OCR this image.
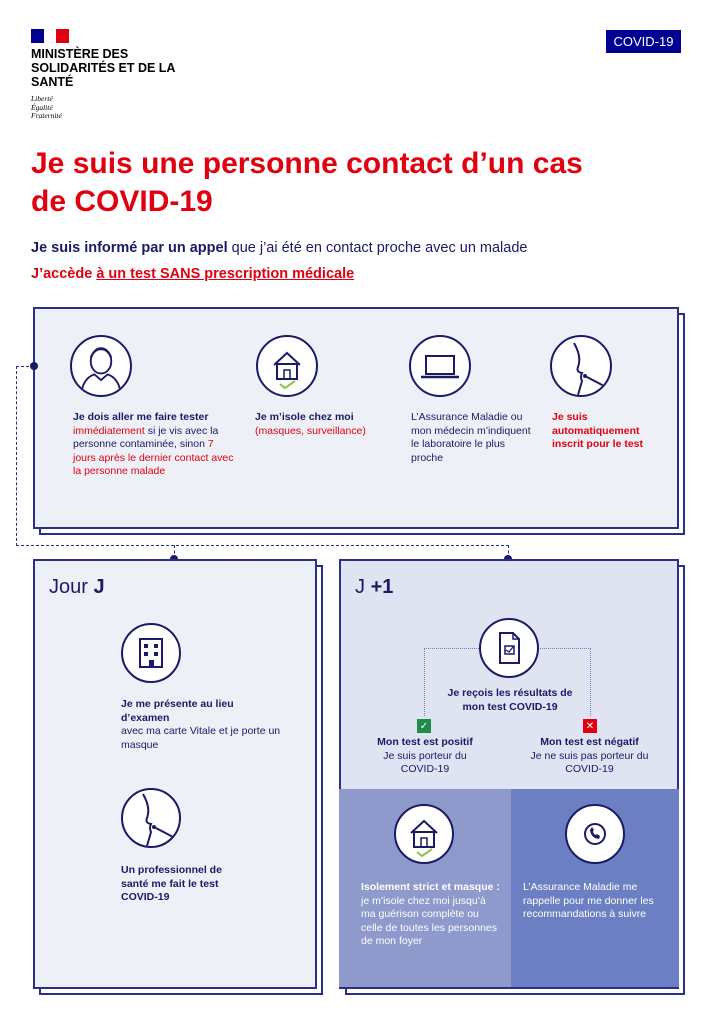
MINISTÈRE DES SOLIDARITÉS ET DE LA SANTÉ
Liberté
Égalité
Fraternité
COVID-19
Je suis une personne contact d’un cas de COVID-19
Je suis informé par un appel que j’ai été en contact proche avec un malade
J’accède à un test SANS prescription médicale
Je dois aller me faire tester
immédiatement si je vis avec la personne contaminée, sinon 7 jours après le dernier contact avec la personne malade
Je m’isole chez moi
(masques, surveillance)
L’Assurance Maladie ou mon médecin m’indiquent le laboratoire le plus proche
Je suis automatiquement inscrit pour le test
Jour J
Je me présente au lieu d’examen
avec ma carte Vitale et je porte un masque
Un professionnel de santé me fait le test COVID-19
J +1
Je reçois les résultats de mon test COVID-19
✓
Mon test est positif
Je suis porteur du COVID-19
✕
Mon test est négatif
Je ne suis pas porteur du COVID-19
Isolement strict et masque :
je m’isole chez moi jusqu’à ma guérison complète ou celle de toutes les personnes de mon foyer
L’Assurance Maladie me rappelle pour me donner les recommandations à suivre
